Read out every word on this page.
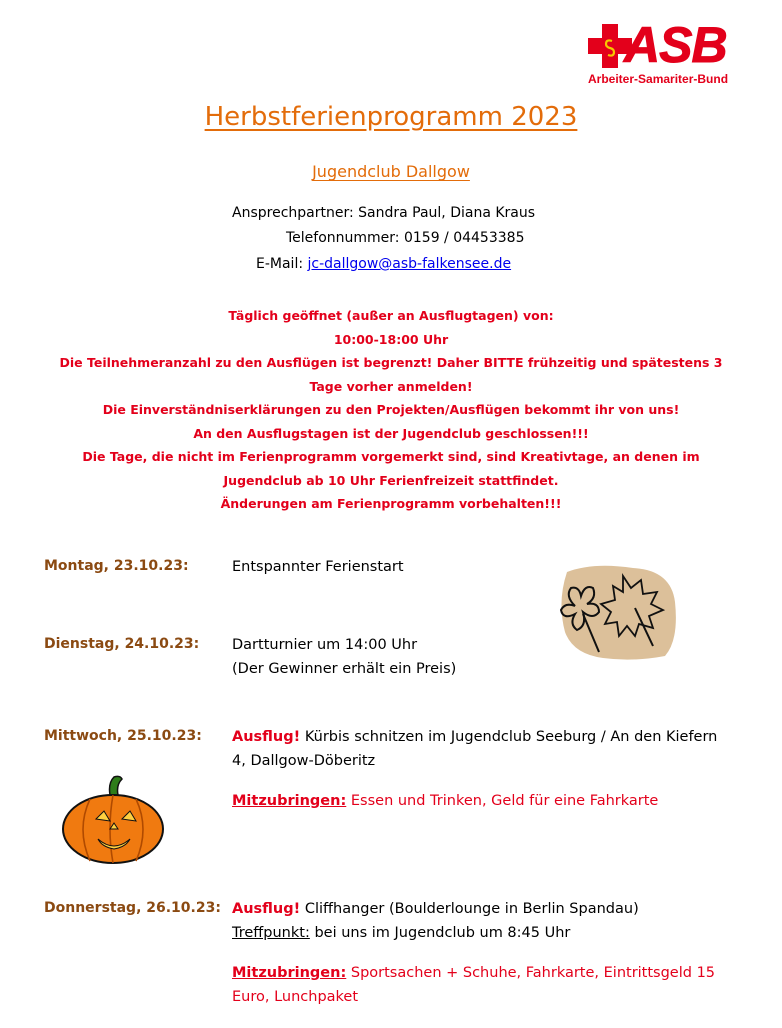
ASB
Arbeiter-Samariter-Bund
Herbstferienprogramm 2023
Jugendclub Dallgow
Ansprechpartner: Sandra Paul, Diana Kraus
Telefonnummer: 0159 / 04453385
E-Mail: jc-dallgow@asb-falkensee.de
Täglich geöffnet (außer an Ausflugtagen) von:
10:00-18:00 Uhr
Die Teilnehmeranzahl zu den Ausflügen ist begrenzt! Daher BITTE frühzeitig und spätestens 3
Tage vorher anmelden!
Die Einverständniserklärungen zu den Projekten/Ausflügen bekommt ihr von uns!
An den Ausflugstagen ist der Jugendclub geschlossen!!!
Die Tage, die nicht im Ferienprogramm vorgemerkt sind, sind Kreativtage, an denen im
Jugendclub ab 10 Uhr Ferienfreizeit stattfindet.
Änderungen am Ferienprogramm vorbehalten!!!
Montag, 23.10.23:	Entspannter Ferienstart
Dienstag, 24.10.23: Dartturnier um 14:00 Uhr
(Der Gewinner erhält ein Preis)
Mittwoch, 25.10.23: Ausflug! Kürbis schnitzen im Jugendclub Seeburg / An den Kiefern
4, Dallgow-Döberitz
Mitzubringen: Essen und Trinken, Geld für eine Fahrkarte
Donnerstag, 26.10.23: Ausflug! Cliffhanger (Boulderlounge in Berlin Spandau)
Treffpunkt: bei uns im Jugendclub um 8:45 Uhr
Mitzubringen: Sportsachen + Schuhe, Fahrkarte, Eintrittsgeld 15
Euro, Lunchpaket
